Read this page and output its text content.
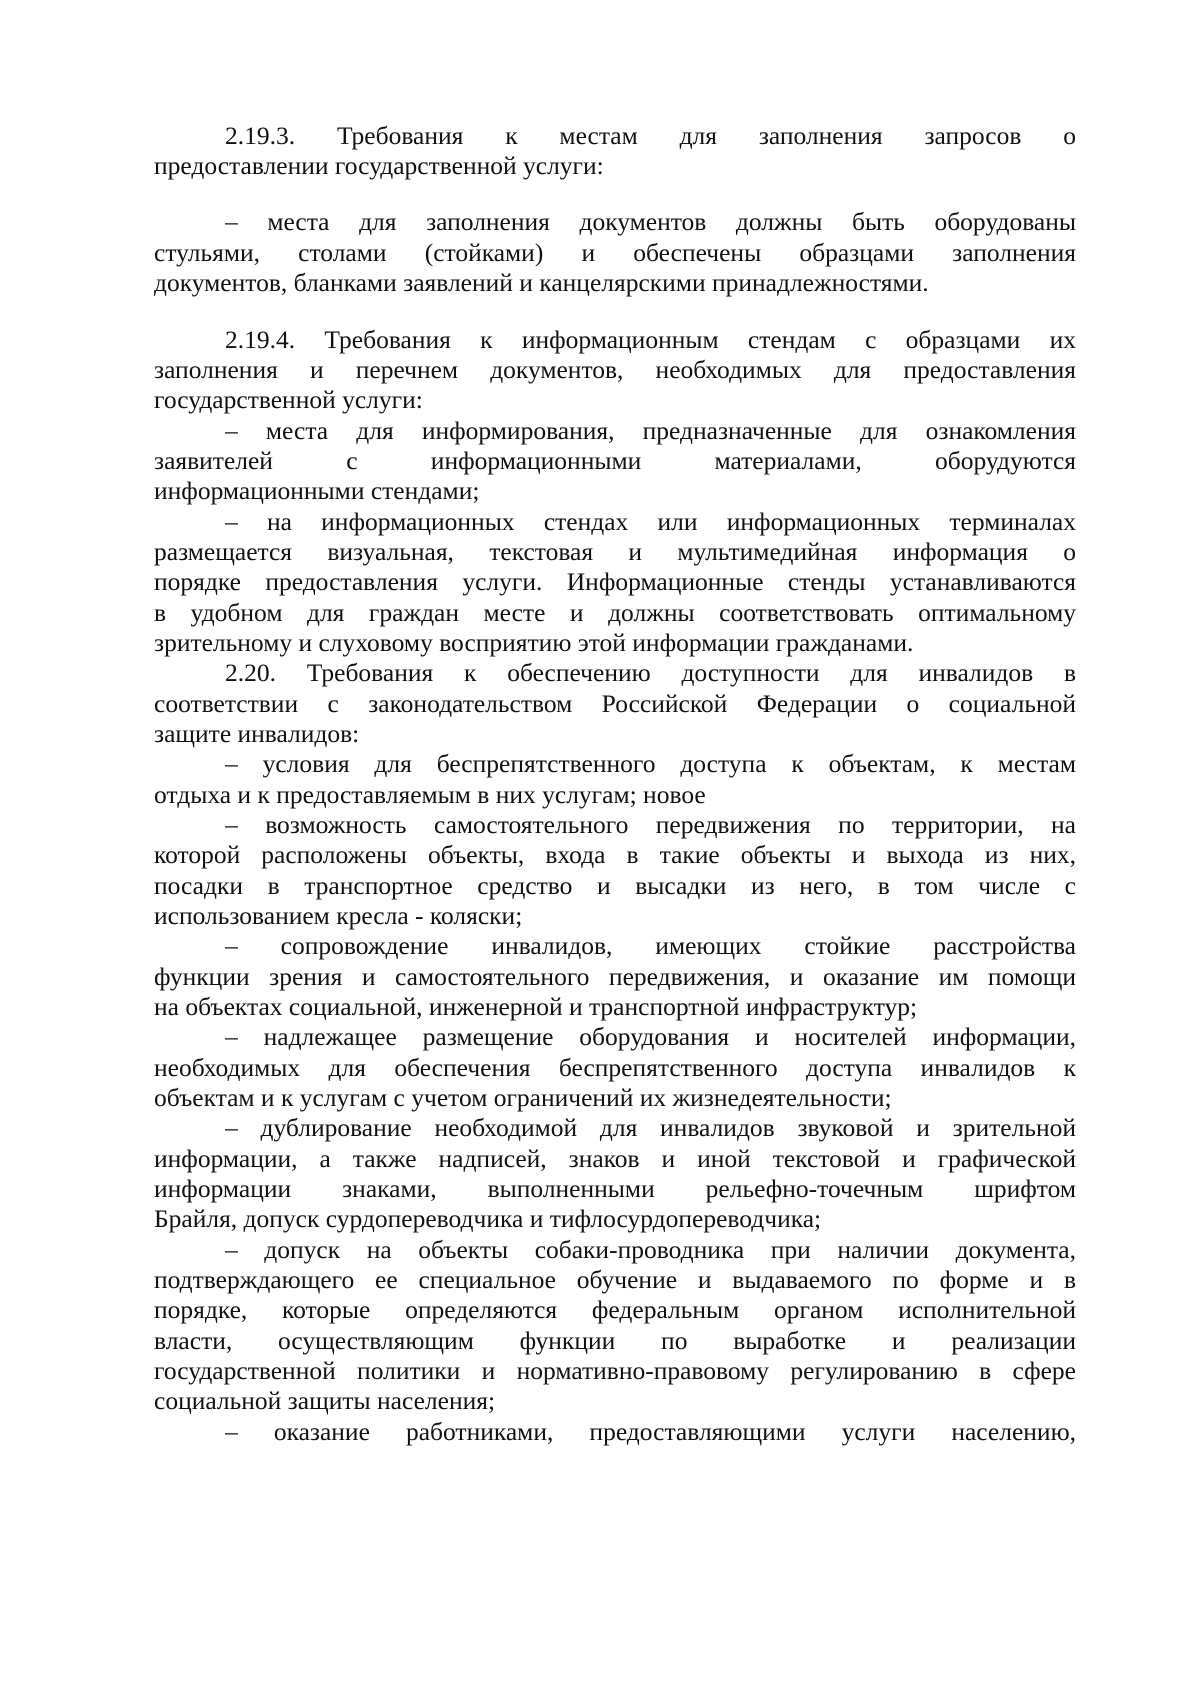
2.19.3. Требования к местам для заполнения запросов о
предоставлении государственной услуги:
– места для заполнения документов должны быть оборудованы
стульями, столами (стойками) и обеспечены образцами заполнения
документов, бланками заявлений и канцелярскими принадлежностями.
2.19.4. Требования к информационным стендам с образцами их
заполнения и перечнем документов, необходимых для предоставления
государственной услуги:
– места для информирования, предназначенные для ознакомления
заявителей с информационными материалами, оборудуются
информационными стендами;
– на информационных стендах или информационных терминалах
размещается визуальная, текстовая и мультимедийная информация о
порядке предоставления услуги. Информационные стенды устанавливаются
в удобном для граждан месте и должны соответствовать оптимальному
зрительному и слуховому восприятию этой информации гражданами.
2.20. Требования к обеспечению доступности для инвалидов в
соответствии с законодательством Российской Федерации о социальной
защите инвалидов:
– условия для беспрепятственного доступа к объектам, к местам
отдыха и к предоставляемым в них услугам; новое
– возможность самостоятельного передвижения по территории, на
которой расположены объекты, входа в такие объекты и выхода из них,
посадки в транспортное средство и высадки из него, в том числе с
использованием кресла - коляски;
– сопровождение инвалидов, имеющих стойкие расстройства
функции зрения и самостоятельного передвижения, и оказание им помощи
на объектах социальной, инженерной и транспортной инфраструктур;
– надлежащее размещение оборудования и носителей информации,
необходимых для обеспечения беспрепятственного доступа инвалидов к
объектам и к услугам с учетом ограничений их жизнедеятельности;
– дублирование необходимой для инвалидов звуковой и зрительной
информации, а также надписей, знаков и иной текстовой и графической
информации знаками, выполненными рельефно-точечным шрифтом
Брайля, допуск сурдопереводчика и тифлосурдопереводчика;
– допуск на объекты собаки-проводника при наличии документа,
подтверждающего ее специальное обучение и выдаваемого по форме и в
порядке, которые определяются федеральным органом исполнительной
власти, осуществляющим функции по выработке и реализации
государственной политики и нормативно-правовому регулированию в сфере
социальной защиты населения;
– оказание работниками, предоставляющими услуги населению,
